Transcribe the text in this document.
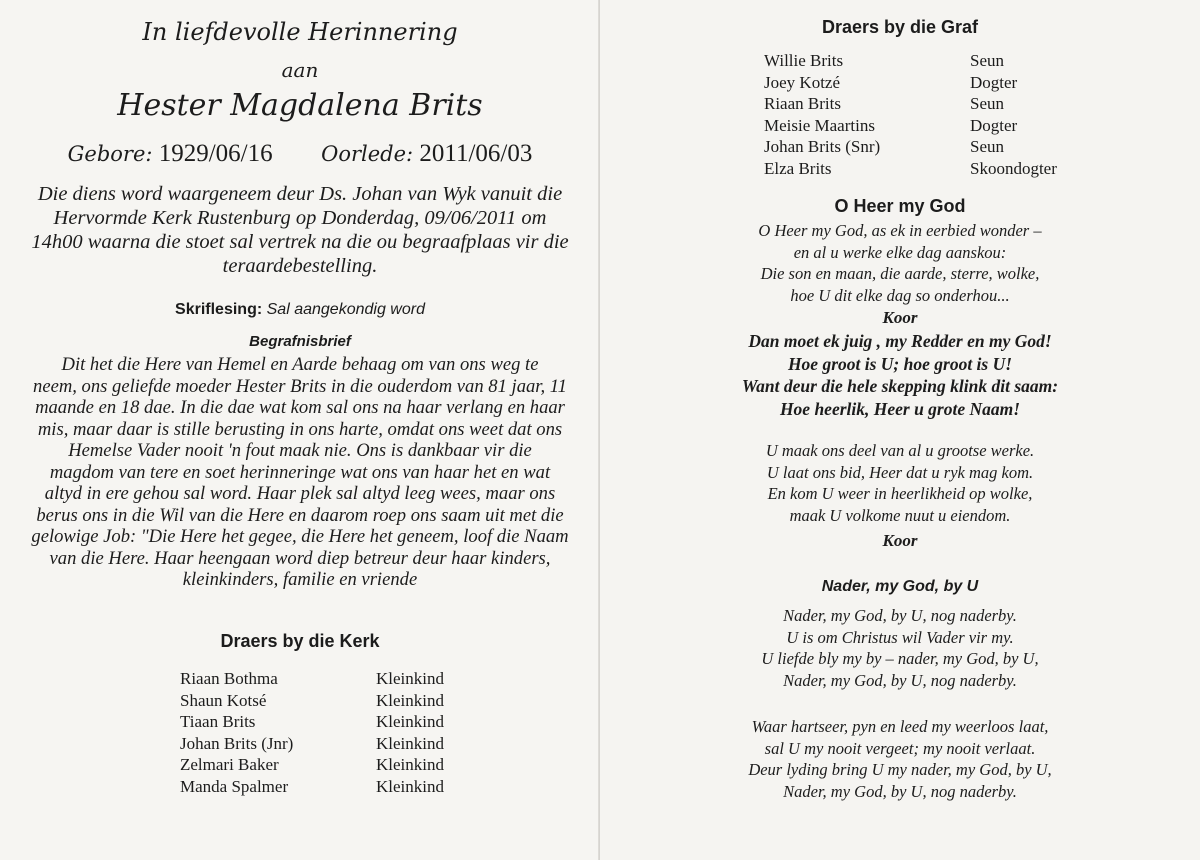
In liefdevolle Herinnering
aan
Hester Magdalena Brits
Gebore: 1929/06/16 Oorlede: 2011/06/03
Die diens word waargeneem deur Ds. Johan van Wyk vanuit die
Hervormde Kerk Rustenburg op Donderdag, 09/06/2011 om
14h00 waarna die stoet sal vertrek na die ou begraafplaas vir die
teraardebestelling.
Skriflesing: Sal aangekondig word
Begrafnisbrief
Dit het die Here van Hemel en Aarde behaag om van ons weg te
neem, ons geliefde moeder Hester Brits in die ouderdom van 81 jaar, 11
maande en 18 dae. In die dae wat kom sal ons na haar verlang en haar
mis, maar daar is stille berusting in ons harte, omdat ons weet dat ons
Hemelse Vader nooit 'n fout maak nie. Ons is dankbaar vir die
magdom van tere en soet herinneringe wat ons van haar het en wat
altyd in ere gehou sal word. Haar plek sal altyd leeg wees, maar ons
berus ons in die Wil van die Here en daarom roep ons saam uit met die
gelowige Job: "Die Here het gegee, die Here het geneem, loof die Naam
van die Here. Haar heengaan word diep betreur deur haar kinders,
kleinkinders, familie en vriende
Draers by die Kerk
Riaan Bothma	Kleinkind
Shaun Kotsé	Kleinkind
Tiaan Brits	Kleinkind
Johan Brits (Jnr)	Kleinkind
Zelmari Baker	Kleinkind
Manda Spalmer	Kleinkind
Draers by die Graf
Willie Brits	Seun
Joey Kotzé	Dogter
Riaan Brits	Seun
Meisie Maartins	Dogter
Johan Brits (Snr)	Seun
Elza Brits	Skoondogter
O Heer my God
O Heer my God, as ek in eerbied wonder –
en al u werke elke dag aanskou:
Die son en maan, die aarde, sterre, wolke,
hoe U dit elke dag so onderhou...
Koor
Dan moet ek juig , my Redder en my God!
Hoe groot is U; hoe groot is U!
Want deur die hele skepping klink dit saam:
Hoe heerlik, Heer u grote Naam!
U maak ons deel van al u grootse werke.
U laat ons bid, Heer dat u ryk mag kom.
En kom U weer in heerlikheid op wolke,
maak U volkome nuut u eiendom.
Koor
Nader, my God, by U
Nader, my God, by U, nog naderby.
U is om Christus wil Vader vir my.
U liefde bly my by – nader, my God, by U,
Nader, my God, by U, nog naderby.
Waar hartseer, pyn en leed my weerloos laat,
sal U my nooit vergeet; my nooit verlaat.
Deur lyding bring U my nader, my God, by U,
Nader, my God, by U, nog naderby.
